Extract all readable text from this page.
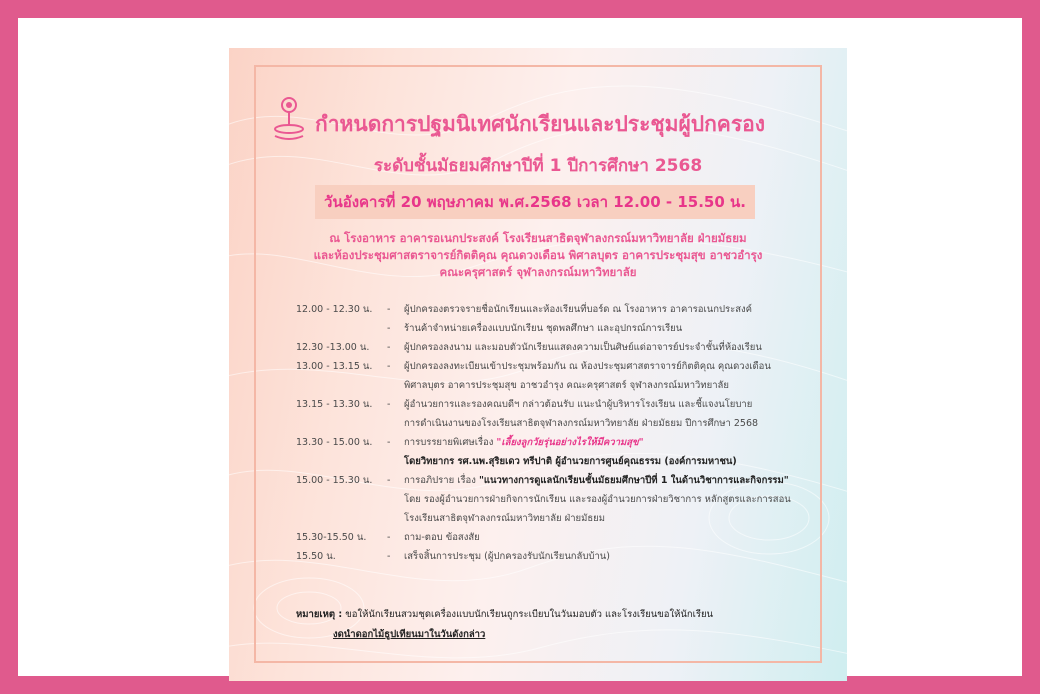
กำหนดการปฐมนิเทศนักเรียนและประชุมผู้ปกครอง
ระดับชั้นมัธยมศึกษาปีที่ 1 ปีการศึกษา 2568
วันอังคารที่ 20 พฤษภาคม พ.ศ.2568 เวลา 12.00 - 15.50 น.
ณ โรงอาหาร อาคารอเนกประสงค์ โรงเรียนสาธิตจุฬาลงกรณ์มหาวิทยาลัย ฝ่ายมัธยม
และห้องประชุมศาสตราจารย์กิตติคุณ คุณดวงเดือน พิศาลบุตร อาคารประชุมสุข อาชวอำรุง
คณะครุศาสตร์ จุฬาลงกรณ์มหาวิทยาลัย
12.00 - 12.30 น.	-	ผู้ปกครองตรวจรายชื่อนักเรียนและห้องเรียนที่บอร์ด ณ โรงอาหาร อาคารอเนกประสงค์
-	ร้านค้าจำหน่ายเครื่องแบบนักเรียน ชุดพลศึกษา และอุปกรณ์การเรียน
12.30 -13.00 น.	-	ผู้ปกครองลงนาม และมอบตัวนักเรียนแสดงความเป็นศิษย์แด่อาจารย์ประจำชั้นที่ห้องเรียน
13.00 - 13.15 น.	-	ผู้ปกครองลงทะเบียนเข้าประชุมพร้อมกัน ณ ห้องประชุมศาสตราจารย์กิตติคุณ คุณดวงเดือน
พิศาลบุตร อาคารประชุมสุข อาชวอำรุง คณะครุศาสตร์ จุฬาลงกรณ์มหาวิทยาลัย
13.15 - 13.30 น.	-	ผู้อำนวยการและรองคณบดีฯ กล่าวต้อนรับ แนะนำผู้บริหารโรงเรียน และชี้แจงนโยบาย
การดำเนินงานของโรงเรียนสาธิตจุฬาลงกรณ์มหาวิทยาลัย ฝ่ายมัธยม ปีการศึกษา 2568
13.30 - 15.00 น.	-	การบรรยายพิเศษเรื่อง "เลี้ยงลูกวัยรุ่นอย่างไรให้มีความสุข"
โดยวิทยากร รศ.นพ.สุริยเดว ทรีปาติ ผู้อำนวยการศูนย์คุณธรรม (องค์การมหาชน)
15.00 - 15.30 น.	-	การอภิปราย เรื่อง "แนวทางการดูแลนักเรียนชั้นมัธยมศึกษาปีที่ 1 ในด้านวิชาการและกิจกรรม"
โดย รองผู้อำนวยการฝ่ายกิจการนักเรียน และรองผู้อำนวยการฝ่ายวิชาการ หลักสูตรและการสอน
โรงเรียนสาธิตจุฬาลงกรณ์มหาวิทยาลัย ฝ่ายมัธยม
15.30-15.50 น.	-	ถาม-ตอบ ข้อสงสัย
15.50 น.	-	เสร็จสิ้นการประชุม (ผู้ปกครองรับนักเรียนกลับบ้าน)
หมายเหตุ : ขอให้นักเรียนสวมชุดเครื่องแบบนักเรียนถูกระเบียบในวันมอบตัว และโรงเรียนขอให้นักเรียน
งดนำดอกไม้ธูปเทียนมาในวันดังกล่าว
